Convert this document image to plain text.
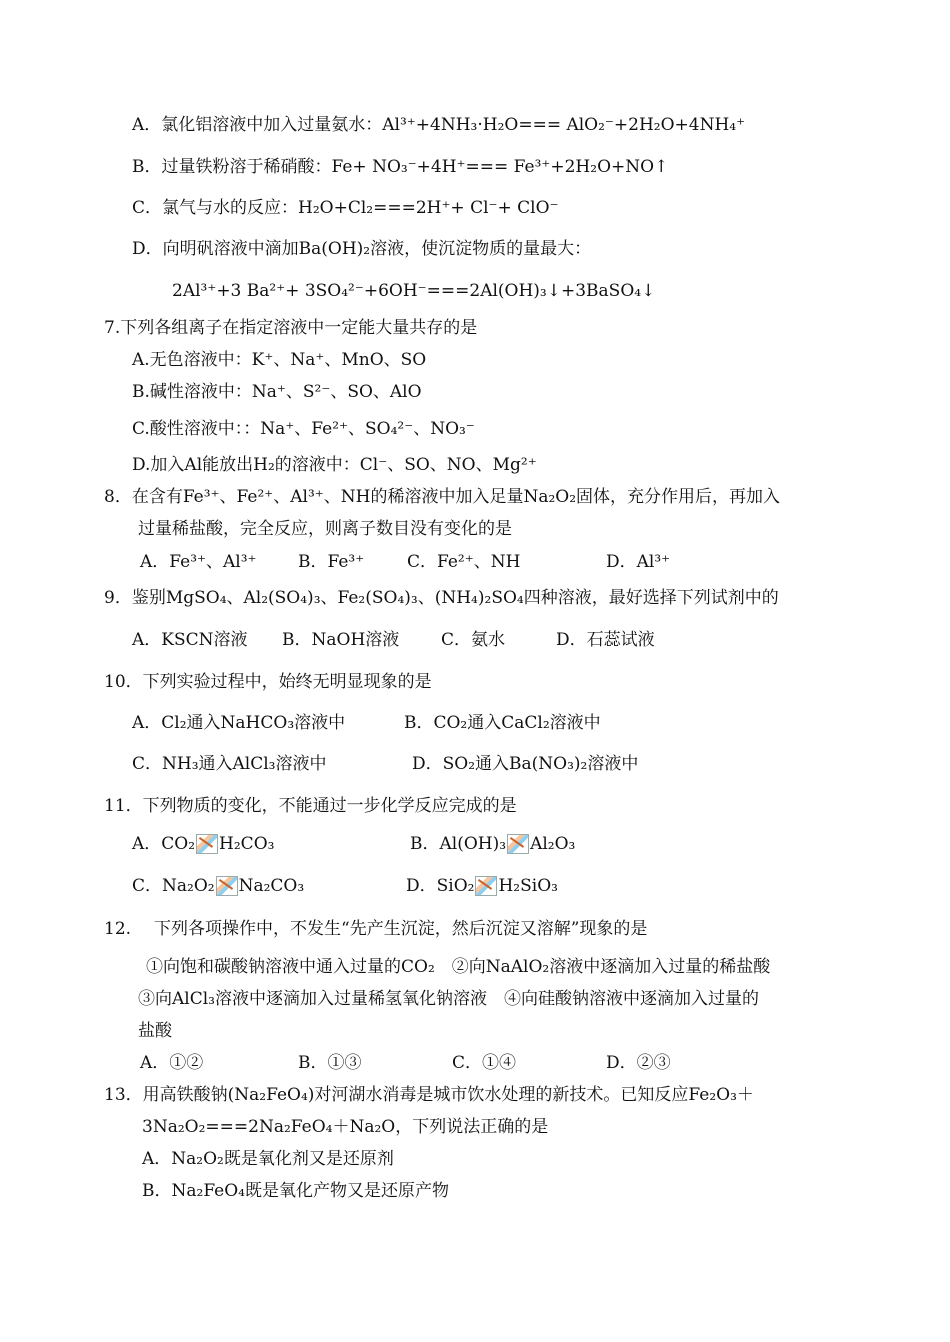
A．氯化铝溶液中加入过量氨水：Al³⁺+4NH₃·H₂O=== AlO₂⁻+2H₂O+4NH₄⁺
B．过量铁粉溶于稀硝酸：Fe+ NO₃⁻+4H⁺=== Fe³⁺+2H₂O+NO↑
C．氯气与水的反应：H₂O+Cl₂===2H⁺+ Cl⁻+ ClO⁻
D．向明矾溶液中滴加Ba(OH)₂溶液，使沉淀物质的量最大：
2Al³⁺+3 Ba²⁺+ 3SO₄²⁻+6OH⁻===2Al(OH)₃↓+3BaSO₄↓
7.下列各组离子在指定溶液中一定能大量共存的是
A.无色溶液中：K⁺、Na⁺、MnO、SO
B.碱性溶液中：Na⁺、S²⁻、SO、AlO
C.酸性溶液中：：Na⁺、Fe²⁺、SO₄²⁻、NO₃⁻
D.加入Al能放出H₂的溶液中：Cl⁻、SO、NO、Mg²⁺
8．在含有Fe³⁺、Fe²⁺、Al³⁺、NH的稀溶液中加入足量Na₂O₂固体，充分作用后，再加入
过量稀盐酸，完全反应，则离子数目没有变化的是
A．Fe³⁺、Al³⁺ B．Fe³⁺	C．Fe²⁺、NH	D．Al³⁺
9．鉴别MgSO₄、Al₂(SO₄)₃、Fe₂(SO₄)₃、(NH₄)₂SO₄四种溶液，最好选择下列试剂中的
A．KSCN溶液 B．NaOH溶液 C．氨水	D．石蕊试液
10．下列实验过程中，始终无明显现象的是
A．Cl₂通入NaHCO₃溶液中	B．CO₂通入CaCl₂溶液中
C．NH₃通入AlCl₃溶液中	D．SO₂通入Ba(NO₃)₂溶液中
11．下列物质的变化，不能通过一步化学反应完成的是
A．CO₂ H₂CO₃	B．Al(OH)₃ Al₂O₃
C．Na₂O₂ Na₂CO₃	D．SiO₂ H₂SiO₃
12. 下列各项操作中，不发生“先产生沉淀，然后沉淀又溶解”现象的是
①向饱和碳酸钠溶液中通入过量的CO₂　②向NaAlO₂溶液中逐滴加入过量的稀盐酸
③向AlCl₃溶液中逐滴加入过量稀氢氧化钠溶液　④向硅酸钠溶液中逐滴加入过量的
盐酸
A．①②	B．①③	C．①④	D．②③
13．用高铁酸钠(Na₂FeO₄)对河湖水消毒是城市饮水处理的新技术。已知反应Fe₂O₃＋
3Na₂O₂===2Na₂FeO₄＋Na₂O，下列说法正确的是
A．Na₂O₂既是氧化剂又是还原剂
B．Na₂FeO₄既是氧化产物又是还原产物
